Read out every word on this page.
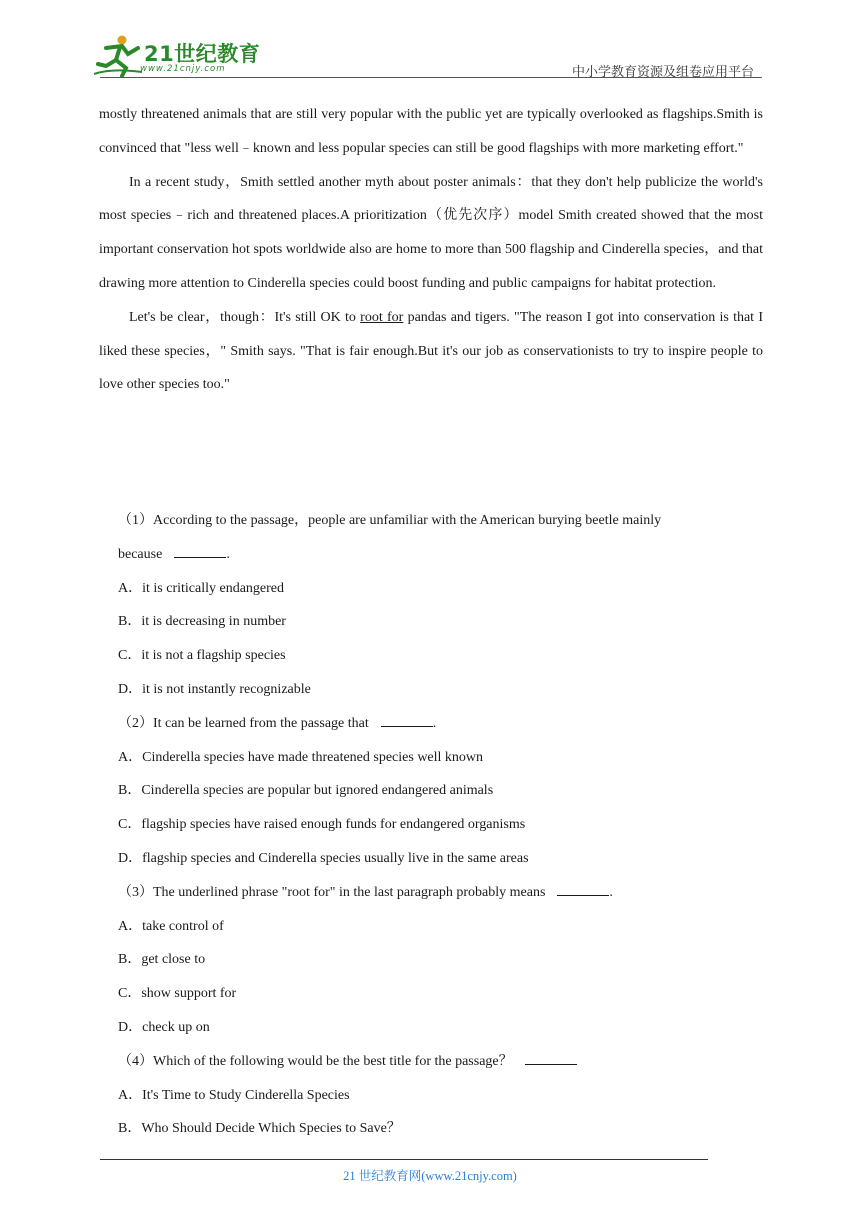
21世纪教育
www.21cnjy.com	中小学教育资源及组卷应用平台

mostly threatened animals that are still very popular with the public yet are typically overlooked as flagships.Smith is convinced that "less well﹣known and less popular species can still be good flagships with more marketing effort."

In a recent study，Smith settled another myth about poster animals：that they don't help publicize the world's most species﹣rich and threatened places.A prioritization（优先次序）model Smith created showed that the most important conservation hot spots worldwide also are home to more than 500 flagship and Cinderella species，and that drawing more attention to Cinderella species could boost funding and public campaigns for habitat protection.

Let's be clear，though：It's still OK to root for pandas and tigers. "The reason I got into conservation is that I liked these species，" Smith says. "That is fair enough.But it's our job as conservationists to try to inspire people to love other species too."

（1）According to the passage，people are unfamiliar with the American burying beetle mainly

because	.

A．it is critically endangered

B．it is decreasing in number

C．it is not a flagship species

D．it is not instantly recognizable

（2）It can be learned from the passage that	.

A．Cinderella species have made threatened species well known

B．Cinderella species are popular but ignored endangered animals

C．flagship species have raised enough funds for endangered organisms

D．flagship species and Cinderella species usually live in the same areas

（3）The underlined phrase "root for" in the last paragraph probably means	.

A．take control of

B．get close to

C．show support for

D．check up on

（4）Which of the following would be the best title for the passage？

A．It's Time to Study Cinderella Species

B．Who Should Decide Which Species to Save？

21 世纪教育网(www.21cnjy.com)
